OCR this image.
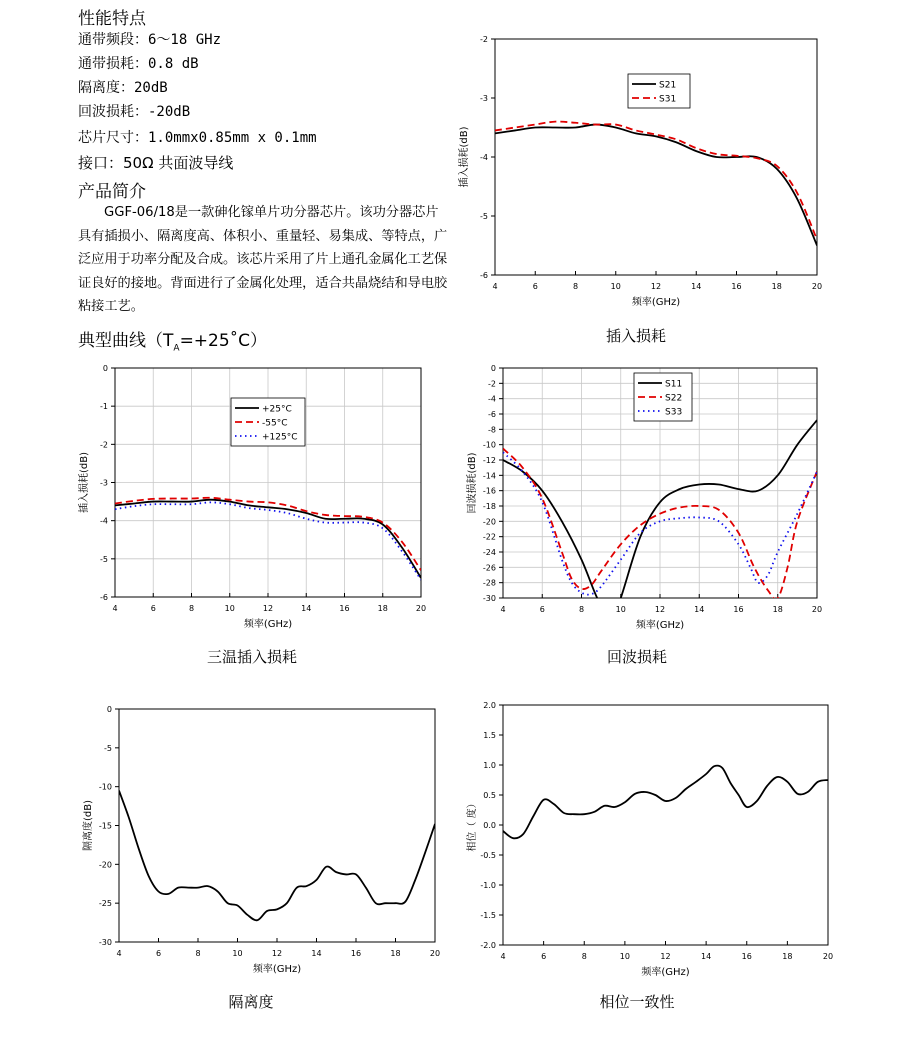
性能特点
通带频段：6～18 GHz
通带损耗：0.8 dB
隔离度：20dB
回波损耗：-20dB
芯片尺寸：1.0mmx0.85mm x 0.1mm
接口：50Ω 共面波导线
产品简介
GGF-06/18是一款砷化镓单片功分器芯片。该功分器芯片具有插损小、隔离度高、体积小、重量轻、易集成、等特点，广泛应用于功率分配及合成。该芯片采用了片上通孔金属化工艺保证良好的接地。背面进行了金属化处理，适合共晶烧结和导电胶粘接工艺。
典型曲线$(T_A=+25˚C)$
4	6	8	10	12	14	16	18	20
-2
-3
-4
-5
-6
频率(GHz)
插入损耗(dB)
S21
S31
4	6	8	10	12	14	16	18	20
0
-1
-2
-3
-4
-5
-6
频率(GHz)
插入损耗(dB)
+25°C
-55°C
+125°C
4	6	8	10	12	14	16	18	20
0
-2
-4
-6
-8
-10
-12
-14
-16
-18
-20
-22
-24
-26
-28
-30
频率(GHz)
回波损耗(dB)
S11
S22
S33
4	6	8	10	12	14	16	18	20
0
-5
-10
-15
-20
-25
-30
频率(GHz)
隔离度(dB)
4	6	8	10	12	14	16	18	20
2.0
1.5
1.0
0.5
0.0
-0.5
-1.0
-1.5
-2.0
频率(GHz)
相位（ 度）
插入损耗
三温插入损耗	回波损耗
隔离度	相位一致性
